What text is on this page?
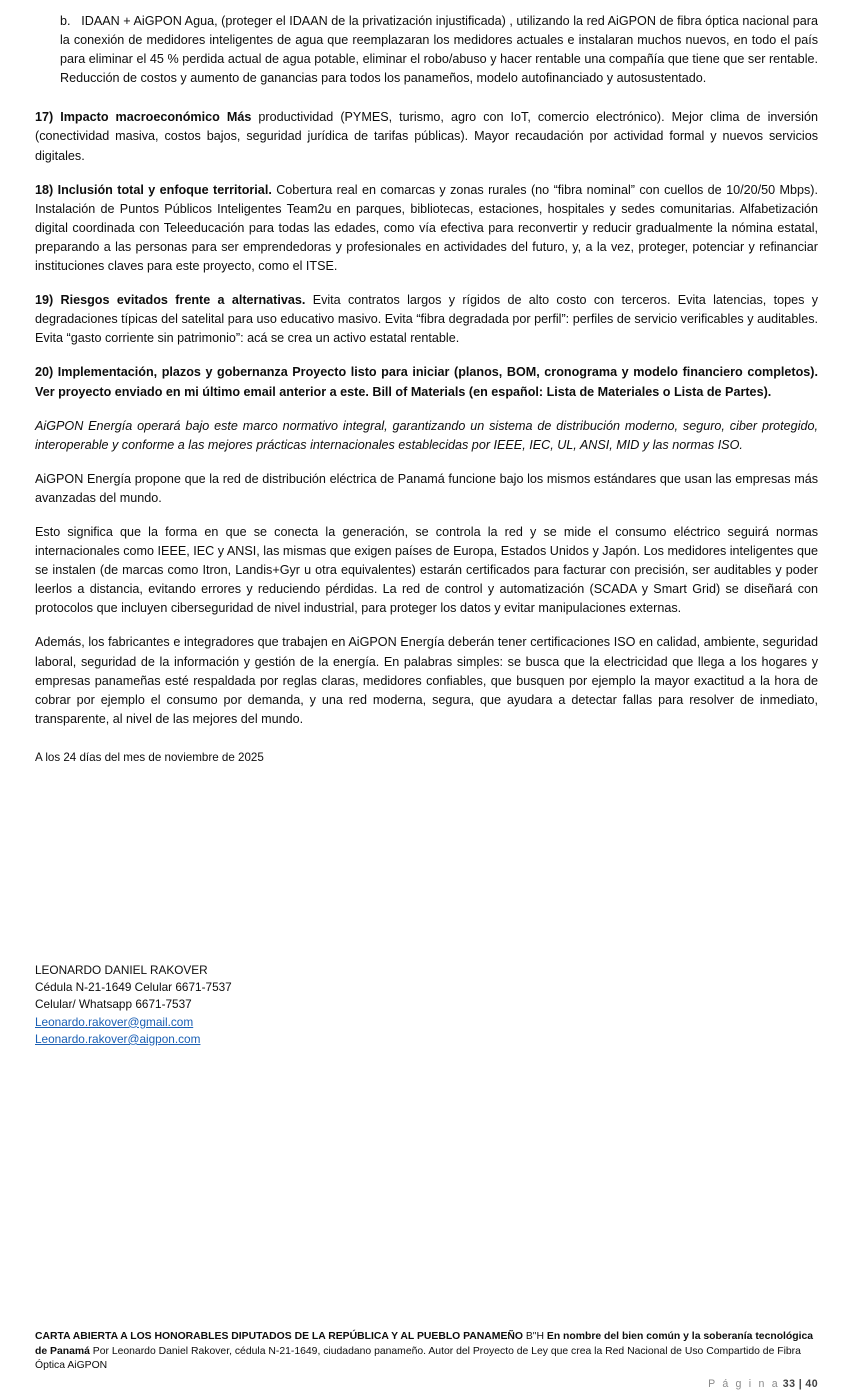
b. IDAAN + AiGPON Agua, (proteger el IDAAN de la privatización injustificada) , utilizando la red AiGPON de fibra óptica nacional para la conexión de medidores inteligentes de agua que reemplazaran los medidores actuales e instalaran muchos nuevos, en todo el país para eliminar el 45 % perdida actual de agua potable, eliminar el robo/abuso y hacer rentable una compañía que tiene que ser rentable. Reducción de costos y aumento de ganancias para todos los panameños, modelo autofinanciado y autosustentado.

17) Impacto macroeconómico Más productividad (PYMES, turismo, agro con IoT, comercio electrónico). Mejor clima de inversión (conectividad masiva, costos bajos, seguridad jurídica de tarifas públicas). Mayor recaudación por actividad formal y nuevos servicios digitales.

18) Inclusión total y enfoque territorial. Cobertura real en comarcas y zonas rurales (no “fibra nominal” con cuellos de 10/20/50 Mbps). Instalación de Puntos Públicos Inteligentes Team2u en parques, bibliotecas, estaciones, hospitales y sedes comunitarias. Alfabetización digital coordinada con Teleeducación para todas las edades, como vía efectiva para reconvertir y reducir gradualmente la nómina estatal, preparando a las personas para ser emprendedoras y profesionales en actividades del futuro, y, a la vez, proteger, potenciar y refinanciar instituciones claves para este proyecto, como el ITSE.

19) Riesgos evitados frente a alternativas. Evita contratos largos y rígidos de alto costo con terceros. Evita latencias, topes y degradaciones típicas del satelital para uso educativo masivo. Evita “fibra degradada por perfil”: perfiles de servicio verificables y auditables. Evita “gasto corriente sin patrimonio”: acá se crea un activo estatal rentable.

20) Implementación, plazos y gobernanza Proyecto listo para iniciar (planos, BOM, cronograma y modelo financiero completos). Ver proyecto enviado en mi último email anterior a este. Bill of Materials (en español: Lista de Materiales o Lista de Partes).

AiGPON Energía operará bajo este marco normativo integral, garantizando un sistema de distribución moderno, seguro, ciber protegido, interoperable y conforme a las mejores prácticas internacionales establecidas por IEEE, IEC, UL, ANSI, MID y las normas ISO.

AiGPON Energía propone que la red de distribución eléctrica de Panamá funcione bajo los mismos estándares que usan las empresas más avanzadas del mundo.

Esto significa que la forma en que se conecta la generación, se controla la red y se mide el consumo eléctrico seguirá normas internacionales como IEEE, IEC y ANSI, las mismas que exigen países de Europa, Estados Unidos y Japón. Los medidores inteligentes que se instalen (de marcas como Itron, Landis+Gyr u otra equivalentes) estarán certificados para facturar con precisión, ser auditables y poder leerlos a distancia, evitando errores y reduciendo pérdidas. La red de control y automatización (SCADA y Smart Grid) se diseñará con protocolos que incluyen ciberseguridad de nivel industrial, para proteger los datos y evitar manipulaciones externas.

Además, los fabricantes e integradores que trabajen en AiGPON Energía deberán tener certificaciones ISO en calidad, ambiente, seguridad laboral, seguridad de la información y gestión de la energía. En palabras simples: se busca que la electricidad que llega a los hogares y empresas panameñas esté respaldada por reglas claras, medidores confiables, que busquen por ejemplo la mayor exactitud a la hora de cobrar por ejemplo el consumo por demanda, y una red moderna, segura, que ayudara a detectar fallas para resolver de inmediato, transparente, al nivel de las mejores del mundo.

A los 24 días del mes de noviembre de 2025

LEONARDO DANIEL RAKOVER
Cédula N-21-1649 Celular 6671-7537
Celular/ Whatsapp 6671-7537
Leonardo.rakover@gmail.com
Leonardo.rakover@aigpon.com
CARTA ABIERTA A LOS HONORABLES DIPUTADOS DE LA REPÚBLICA Y AL PUEBLO PANAMEÑO B"H En nombre del bien común y la soberanía tecnológica de Panamá Por Leonardo Daniel Rakover, cédula N-21-1649, ciudadano panameño. Autor del Proyecto de Ley que crea la Red Nacional de Uso Compartido de Fibra Óptica AiGPON
P á g i n a 33 | 40
